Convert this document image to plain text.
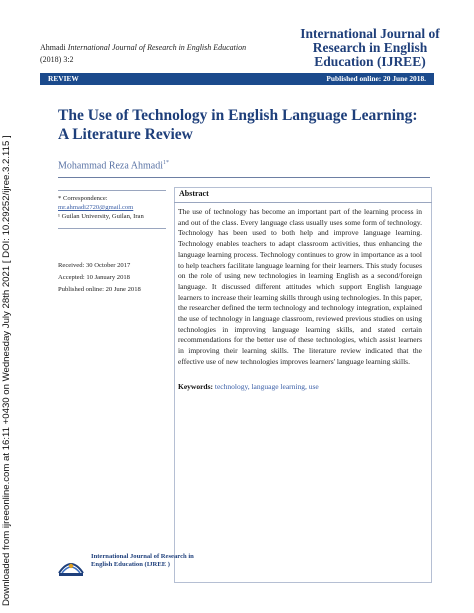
Downloaded from ijreeonline.com at 16:11 +0430 on Wednesday July 28th 2021 [ DOI: 10.29252/ijree.3.2.115 ]
Ahmadi International Journal of Research in English Education
(2018) 3:2
International Journal of Research in English Education (IJREE)
REVIEW	Published online: 20 June 2018.
The Use of Technology in English Language Learning: A Literature Review
Mohammad Reza Ahmadi$^{1*}$
* Correspondence:
mr.ahmadi2720@gmail.com
¹ Guilan University, Guilan, Iran
Received: 30 October 2017
Accepted: 10 January 2018
Published online: 20 June 2018
Abstract
The use of technology has become an important part of the learning process in and out of the class. Every language class usually uses some form of technology. Technology has been used to both help and improve language learning. Technology enables teachers to adapt classroom activities, thus enhancing the language learning process. Technology continues to grow in importance as a tool to help teachers facilitate language learning for their learners. This study focuses on the role of using new technologies in learning English as a second/foreign language. It discussed different attitudes which support English language learners to increase their learning skills through using technologies. In this paper, the researcher defined the term technology and technology integration, explained the use of technology in language classroom, reviewed previous studies on using technologies in improving language learning skills, and stated certain recommendations for the better use of these technologies, which assist learners in improving their learning skills. The literature review indicated that the effective use of new technologies improves learners' language learning skills.
Keywords: technology, language learning, use
International Journal of Research in English Education (IJREE )
